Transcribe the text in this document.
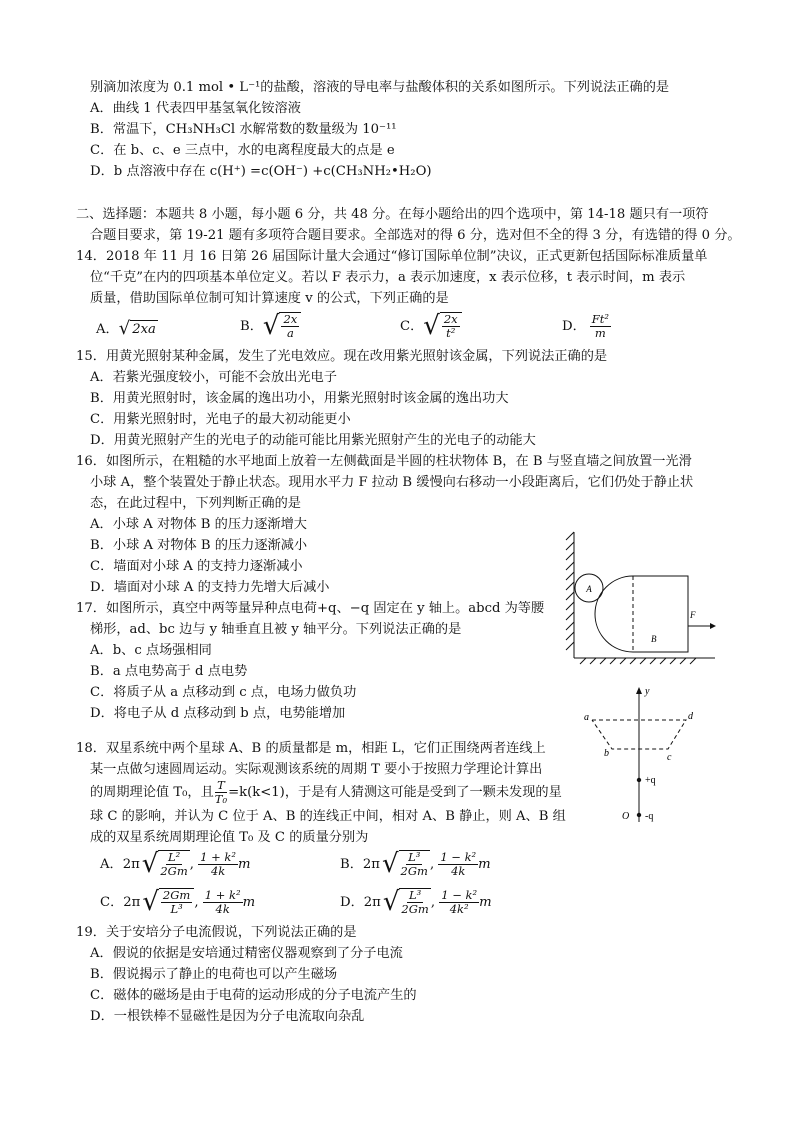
别滴加浓度为 0.1 mol • L⁻¹的盐酸，溶液的导电率与盐酸体积的关系如图所示。下列说法正确的是
A．曲线 1 代表四甲基氢氧化铵溶液
B．常温下，CH₃NH₃Cl 水解常数的数量级为 10⁻¹¹
C．在 b、c、e 三点中，水的电离程度最大的点是 e
D．b 点溶液中存在 c(H⁺) =c(OH⁻) +c(CH₃NH₂•H₂O)
二、选择题：本题共 8 小题，每小题 6 分，共 48 分。在每小题给出的四个选项中，第 14-18 题只有一项符
合题目要求，第 19-21 题有多项符合题目要求。全部选对的得 6 分，选对但不全的得 3 分，有选错的得 0 分。
14．2018 年 11 月 16 日第 26 届国际计量大会通过“修订国际单位制”决议，正式更新包括国际标准质量单
位“千克”在内的四项基本单位定义。若以 F 表示力，a 表示加速度，x 表示位移，t 表示时间，m 表示
质量，借助国际单位制可知计算速度 v 的公式，下列正确的是
A． √ 2xa	B． √ $\frac{2x}{a}$	C． √ $\frac{2x}{\text{t²}}$	D． $\frac{\text{Ft²}}{m}$
15．用黄光照射某种金属，发生了光电效应。现在改用紫光照射该金属，下列说法正确的是
A．若紫光强度较小，可能不会放出光电子
B．用黄光照射时，该金属的逸出功小，用紫光照射时该金属的逸出功大
C．用紫光照射时，光电子的最大初动能更小
D．用黄光照射产生的光电子的动能可能比用紫光照射产生的光电子的动能大
16．如图所示，在粗糙的水平地面上放着一左侧截面是半圆的柱状物体 B，在 B 与竖直墙之间放置一光滑
小球 A，整个装置处于静止状态。现用水平力 F 拉动 B 缓慢向右移动一小段距离后，它们仍处于静止状
态，在此过程中，下列判断正确的是
A．小球 A 对物体 B 的压力逐渐增大
B．小球 A 对物体 B 的压力逐渐减小
C．墙面对小球 A 的支持力逐渐减小
D．墙面对小球 A 的支持力先增大后减小	A
B
F
17．如图所示，真空中两等量异种点电荷+q、−q 固定在 y 轴上。abcd 为等腰
梯形，ad、bc 边与 y 轴垂直且被 y 轴平分。下列说法正确的是
A．b、c 点场强相同
B．a 点电势高于 d 点电势
C．将质子从 a 点移动到 c 点，电场力做负功
D．将电子从 d 点移动到 b 点，电势能增加
y
a	d
b	c
+q
-q
O
18．双星系统中两个星球 A、B 的质量都是 m，相距 L，它们正围绕两者连线上
某一点做匀速圆周运动。实际观测该系统的周期 T 要小于按照力学理论计算出
的周期理论值 T₀，且 $\frac{T}{\text{T₀}} =k(k<1)$，于是有人猜测这可能是受到了一颗未发现的星
球 C 的影响，并认为 C 位于 A、B 的连线正中间，相对 A、B 静止，则 A、B 组
成的双星系统周期理论值 T₀ 及 C 的质量分别为
A．2π √ $\frac{\text{L²}}{2Gm}$ , $\frac{\text{1 + k²}}{4k}$ m	B．2π √ $\frac{\text{L³}}{2Gm}$ , $\frac{\text{1 − k²}}{4k}$ m
C．2π √ $\frac{2Gm}{\text{L³}}$ , $\frac{\text{1 + k²}}{4k}$ m	D．2π √ $\frac{\text{L³}}{2Gm}$ , $\frac{\text{1 − k²}}{\text{4k²}}$ m
19．关于安培分子电流假说，下列说法正确的是
A．假说的依据是安培通过精密仪器观察到了分子电流
B．假说揭示了静止的电荷也可以产生磁场
C．磁体的磁场是由于电荷的运动形成的分子电流产生的
D．一根铁棒不显磁性是因为分子电流取向杂乱
